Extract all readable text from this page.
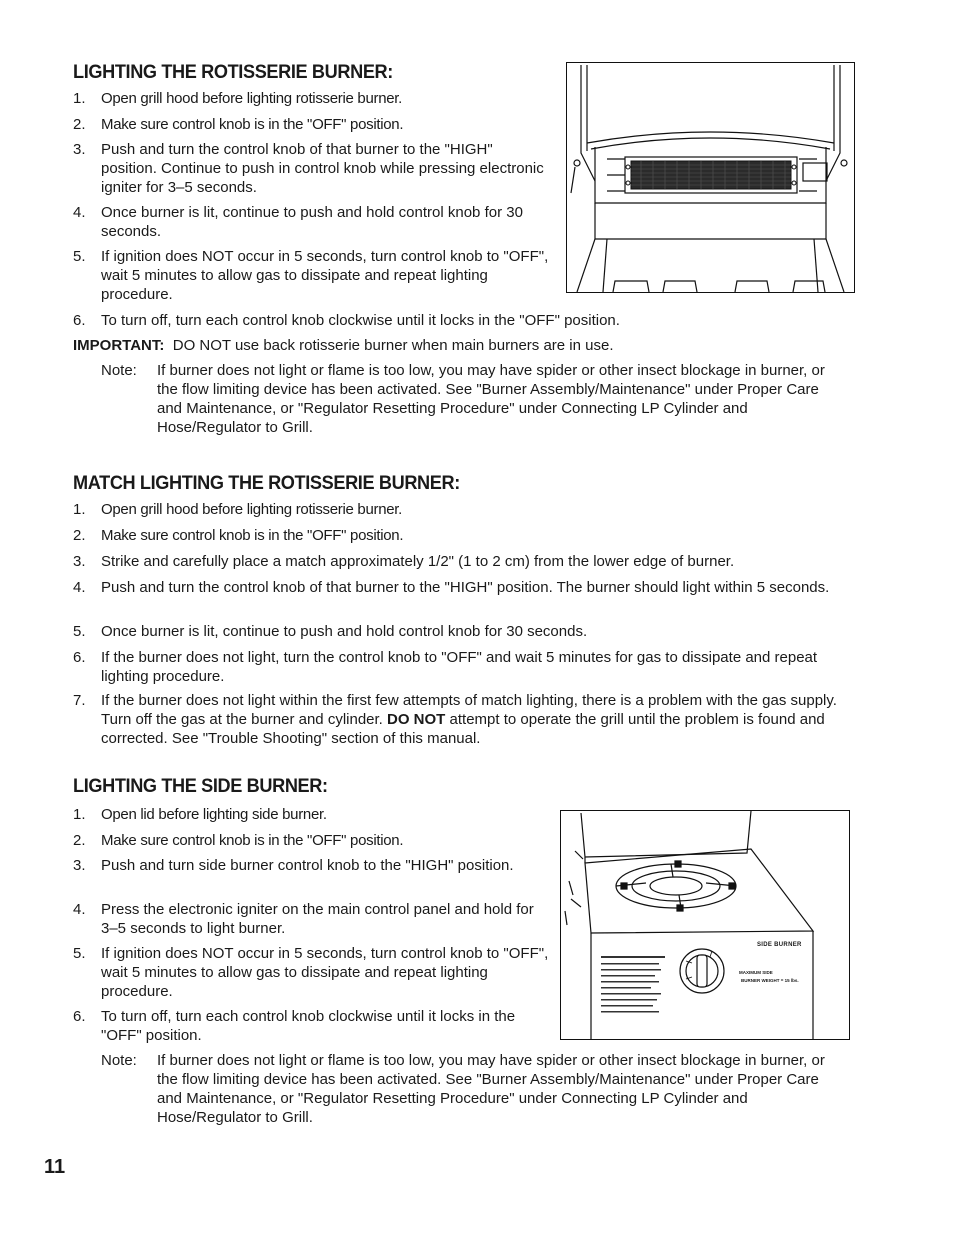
LIGHTING THE ROTISSERIE BURNER:
1.	Open grill hood before lighting rotisserie burner.
2.	Make sure control knob is in the "OFF" position.
3.	Push and turn the control knob of that burner to the "HIGH" position. Continue to push in control knob while pressing electronic igniter for 3–5 seconds.
4.	Once burner is lit, continue to push and hold control knob for 30 seconds.
5.	If ignition does NOT occur in 5 seconds, turn control knob to "OFF", wait 5 minutes to allow gas to dissipate and repeat lighting procedure.
6.	To turn off, turn each control knob clockwise until it locks in the "OFF" position.
IMPORTANT: DO NOT use back rotisserie burner when main burners are in use.
Note: If burner does not light or flame is too low, you may have spider or other insect blockage in burner, or the flow limiting device has been activated. See "Burner Assembly/Maintenance" under Proper Care and Maintenance, or "Regulator Resetting Procedure" under Connecting LP Cylinder and Hose/Regulator to Grill.
MATCH LIGHTING THE ROTISSERIE BURNER:
1.	Open grill hood before lighting rotisserie burner.
2.	Make sure control knob is in the "OFF" position.
3.	Strike and carefully place a match approximately 1/2" (1 to 2 cm) from the lower edge of burner.
4.	Push and turn the control knob of that burner to the "HIGH" position. The burner should light within 5 seconds.
5.	Once burner is lit, continue to push and hold control knob for 30 seconds.
6.	If the burner does not light, turn the control knob to "OFF" and wait 5 minutes for gas to dissipate and repeat lighting procedure.
7.	If the burner does not light within the first few attempts of match lighting, there is a problem with the gas supply. Turn off the gas at the burner and cylinder. DO NOT attempt to operate the grill until the problem is found and corrected. See "Trouble Shooting" section of this manual.
LIGHTING THE SIDE BURNER:
1.	Open lid before lighting side burner.
2.	Make sure control knob is in the "OFF" position.
3.	Push and turn side burner control knob to the "HIGH" position.
4.	Press the electronic igniter on the main control panel and hold for 3–5 seconds to light burner.
5.	If ignition does NOT occur in 5 seconds, turn control knob to "OFF", wait 5 minutes to allow gas to dissipate and repeat lighting procedure.
6.	To turn off, turn each control knob clockwise until it locks in the "OFF" position.
Note: If burner does not light or flame is too low, you may have spider or other insect blockage in burner, or the flow limiting device has been activated. See "Burner Assembly/Maintenance" under Proper Care and Maintenance, or "Regulator Resetting Procedure" under Connecting LP Cylinder and Hose/Regulator to Grill.
SIDE BURNER
MAXIMUM SIDE
BURNER WEIGHT = 15 lbs.
11
